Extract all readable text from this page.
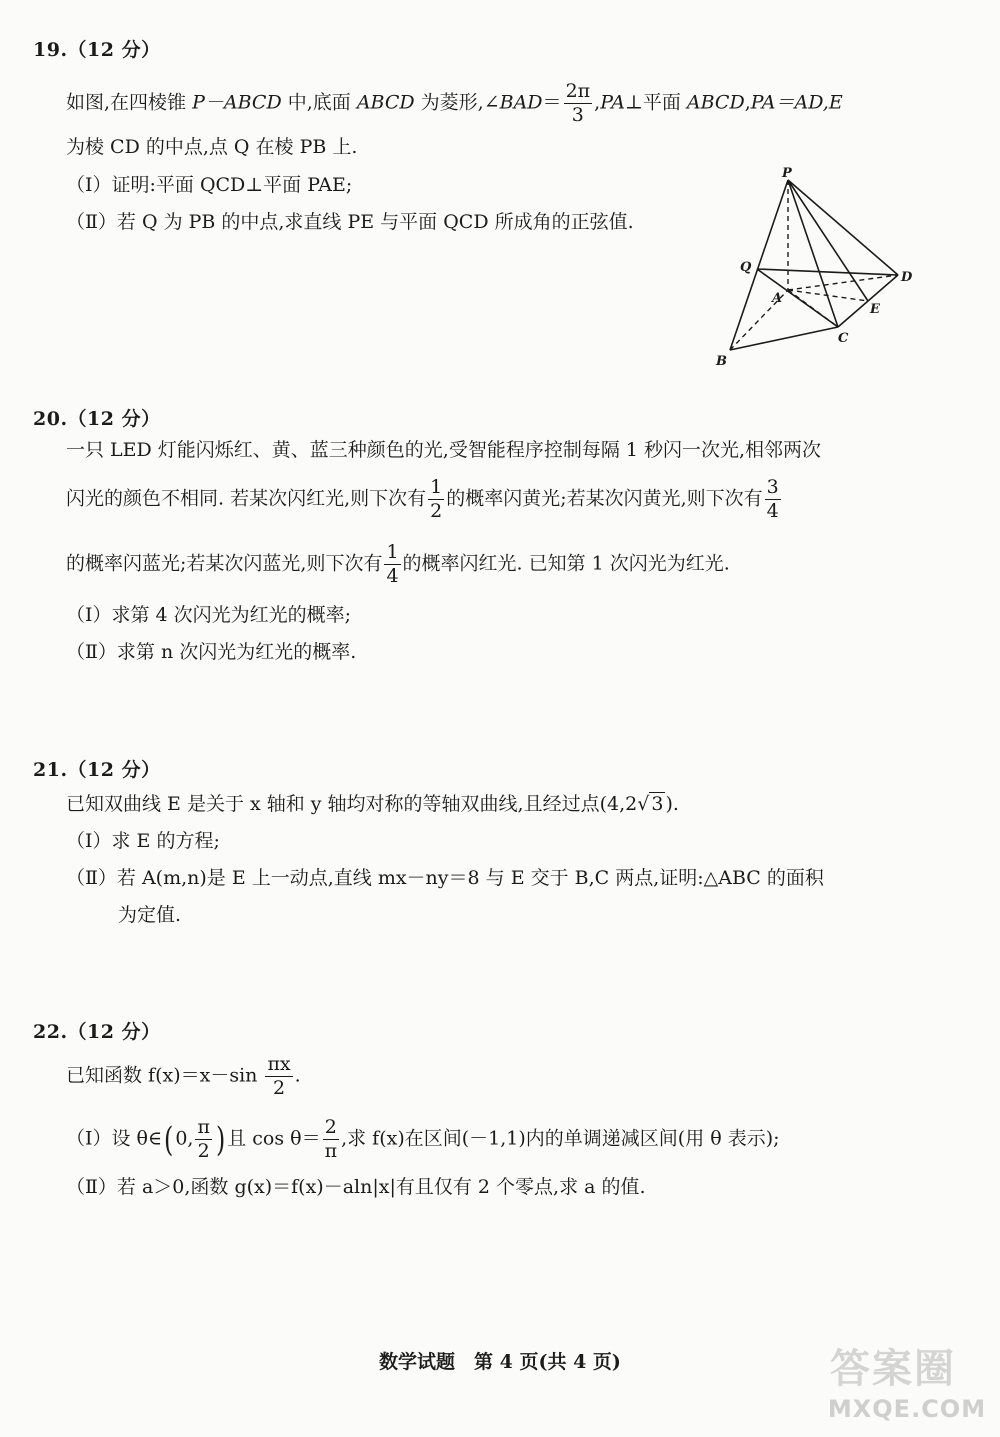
19.（12 分）
如图,在四棱锥 P－ABCD 中,底面 ABCD 为菱形,∠BAD＝ $\frac{2\pi}{3}$ ,PA⊥平面 ABCD,PA＝AD,E
为棱 CD 的中点,点 Q 在棱 PB 上.
（Ⅰ）证明:平面 QCD⊥平面 PAE;
（Ⅱ）若 Q 为 PB 的中点,求直线 PE 与平面 QCD 所成角的正弦值.
P
Q
A
D
E
B
C
20.（12 分）
一只 LED 灯能闪烁红、黄、蓝三种颜色的光,受智能程序控制每隔 1 秒闪一次光,相邻两次
闪光的颜色不相同. 若某次闪红光,则下次有 $\frac{1}{2}$ 的概率闪黄光;若某次闪黄光,则下次有 $\frac{3}{4}$
的概率闪蓝光;若某次闪蓝光,则下次有 $\frac{1}{4}$ 的概率闪红光. 已知第 1 次闪光为红光.
（Ⅰ）求第 4 次闪光为红光的概率;
（Ⅱ）求第 n 次闪光为红光的概率.
21.（12 分）
已知双曲线 E 是关于 x 轴和 y 轴均对称的等轴双曲线,且经过点(4,2√ 3 ).
（Ⅰ）求 E 的方程;
（Ⅱ）若 A(m,n)是 E 上一动点,直线 mx－ny＝8 与 E 交于 B,C 两点,证明:△ABC 的面积
为定值.
22.（12 分）
已知函数 $f(x)=x-\sin \frac{\pi x}{2}$ .
（Ⅰ）设 θ∈( 0, $\frac{\pi}{2}$ ) 且 $\cos \theta= \frac{2}{\pi}$ ,求 f(x)在区间(－1,1)内的单调递减区间(用 θ 表示);
（Ⅱ）若 a＞0,函数 g(x)＝f(x)－aln|x|有且仅有 2 个零点,求 a 的值.
数学试题　第 4 页(共 4 页)	答案圈
MXQE.COM
